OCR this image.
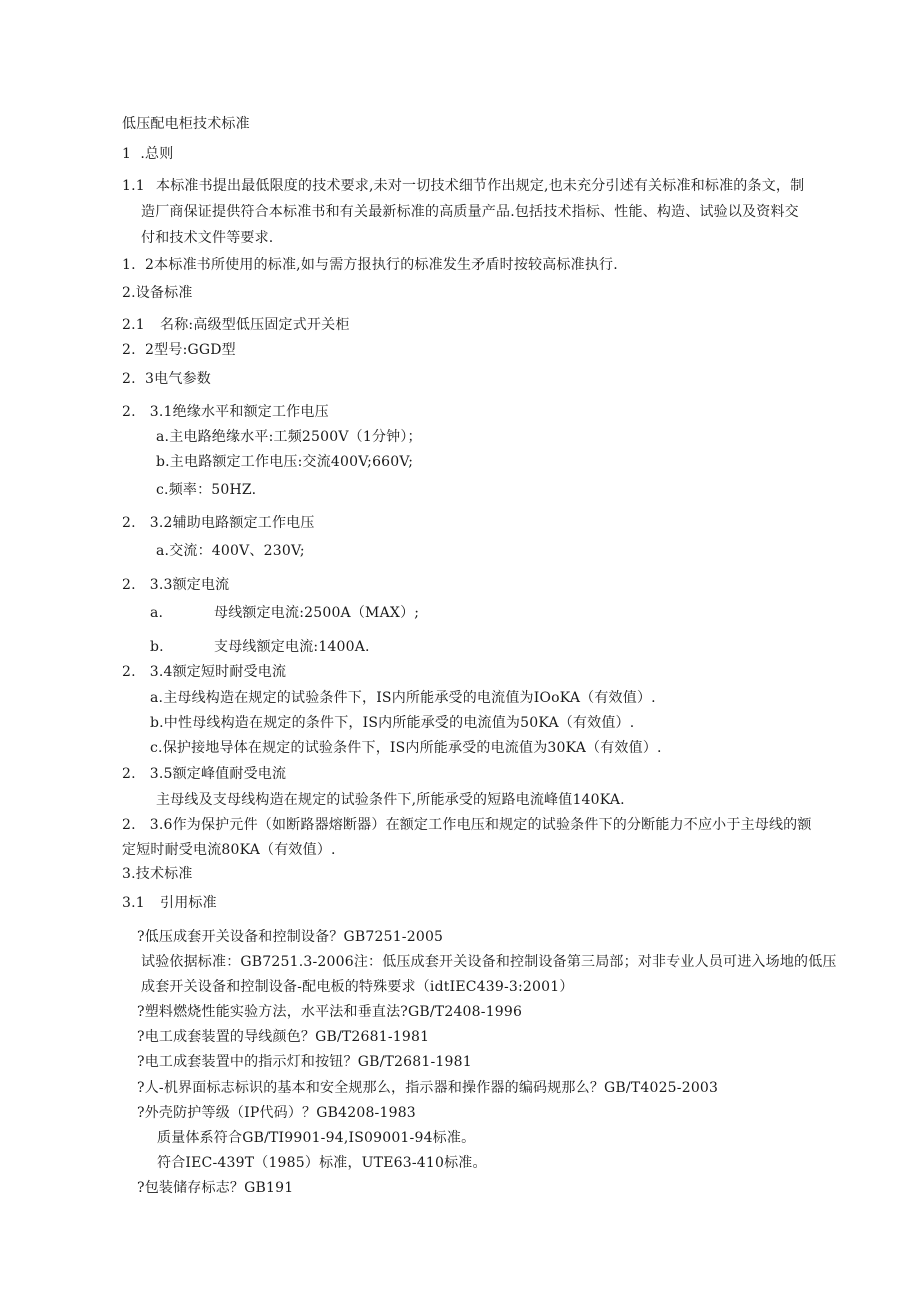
低压配电柜技术标准
1  .总则
1.1 本标准书提出最低限度的技术要求,未对一切技术细节作出规定,也未充分引述有关标准和标准的条文，制
造厂商保证提供符合本标准书和有关最新标准的高质量产品.包括技术指标、性能、构造、试验以及资料交
付和技术文件等要求.
1.  2本标准书所使用的标准,如与需方报执行的标准发生矛盾时按较高标准执行.
2.设备标准
2.1 名称:高级型低压固定式开关柜
2.  2型号:GGD型
2.  3电气参数
2.   3.1绝缘水平和额定工作电压
a.主电路绝缘水平:工频2500V（1分钟）；
b.主电路额定工作电压:交流400V;660V;
c.频率：50HZ.
2.   3.2辅助电路额定工作电压
a.交流：400V、230V;
2.   3.3额定电流
a.	母线额定电流:2500A（MAX）;
b.	支母线额定电流:1400A.
2.   3.4额定短时耐受电流
a.主母线构造在规定的试验条件下，IS内所能承受的电流值为IOoKA（有效值）.
b.中性母线构造在规定的条件下，IS内所能承受的电流值为50KA（有效值）.
c.保护接地导体在规定的试验条件下，IS内所能承受的电流值为30KA（有效值）.
2.   3.5额定峰值耐受电流
主母线及支母线构造在规定的试验条件下,所能承受的短路电流峰值140KA.
2.   3.6作为保护元件（如断路器熔断器）在额定工作电压和规定的试验条件下的分断能力不应小于主母线的额
定短时耐受电流80KA（有效值）.
3.技术标准
3.1 引用标准
?低压成套开关设备和控制设备？GB7251-2005
试验依据标准：GB7251.3-2006注：低压成套开关设备和控制设备第三局部；对非专业人员可进入场地的低压
成套开关设备和控制设备-配电板的特殊要求（idtIEC439-3:2001）
?塑料燃烧性能实验方法，水平法和垂直法?GB/T2408-1996
?电工成套装置的导线颜色？GB/T2681-1981
?电工成套装置中的指示灯和按钮？GB/T2681-1981
?人-机界面标志标识的基本和安全规那么，指示器和操作器的编码规那么？GB/T4025-2003
?外壳防护等级（IP代码）？GB4208-1983
质量体系符合GB/TI9901-94,IS09001-94标准。
符合IEC-439T（1985）标准，UTE63-410标准。
?包装储存标志？GB191
